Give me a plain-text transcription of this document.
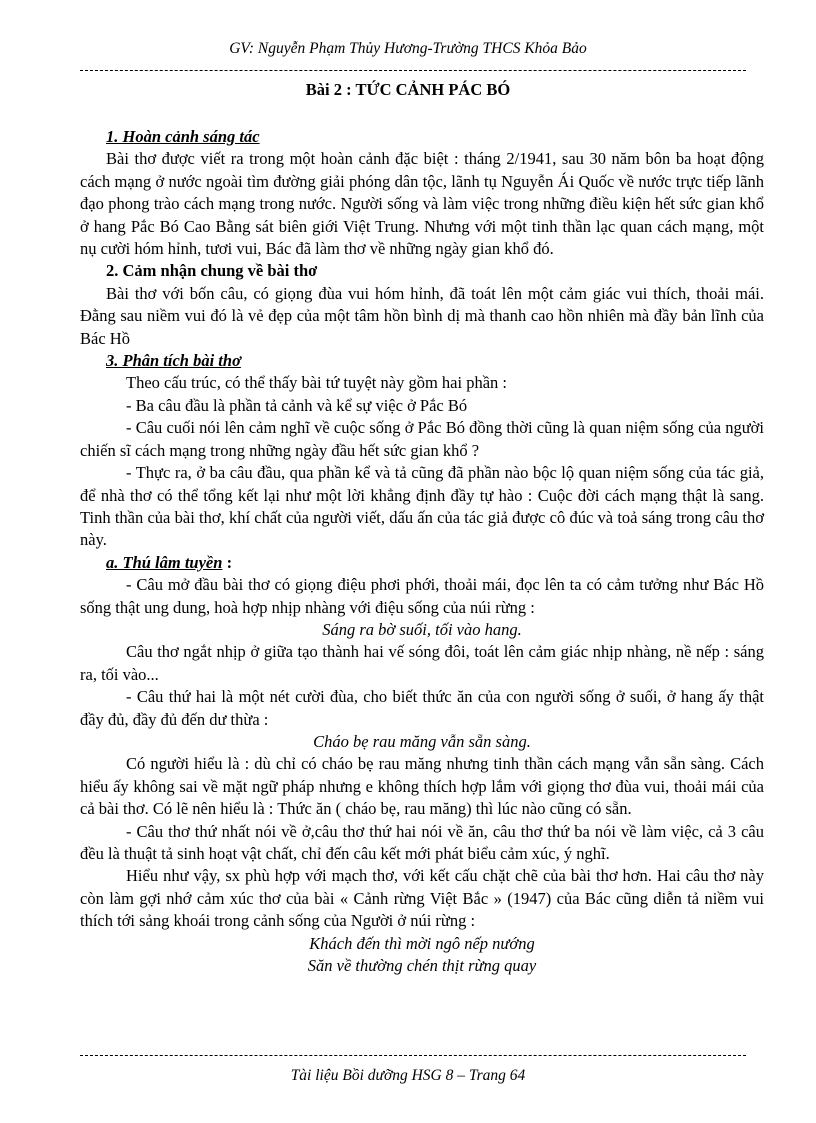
GV: Nguyễn Phạm Thủy Hương-Trường THCS Khỏa Bảo
Bài 2 : TỨC CẢNH PÁC BÓ

1. Hoàn cảnh sáng tác

Bài thơ được viết ra trong một hoàn cảnh đặc biệt : tháng 2/1941, sau 30 năm bôn ba hoạt động cách mạng ở nước ngoài tìm đường giải phóng dân tộc, lãnh tụ Nguyễn Ái Quốc về nước trực tiếp lãnh đạo phong trào cách mạng trong nước. Người sống và làm việc trong những điều kiện hết sức gian khổ ở hang Pắc Bó Cao Bằng sát biên giới Việt Trung. Nhưng với một tinh thần lạc quan cách mạng, một nụ cười hóm hỉnh, tươi vui, Bác đã làm thơ về những ngày gian khổ đó.

2. Cảm nhận chung về bài thơ

Bài thơ với bốn câu, có giọng đùa vui hóm hỉnh, đã toát lên một cảm giác vui thích, thoải mái. Đằng sau niềm vui đó là vẻ đẹp của một tâm hồn bình dị mà thanh cao hồn nhiên mà đầy bản lĩnh của Bác Hồ

3. Phân tích bài thơ

Theo cấu trúc, có thể thấy bài tứ tuyệt này gồm hai phần :

- Ba câu đầu là phần tả cảnh và kể sự việc ở Pắc Bó

- Câu cuối nói lên cảm nghĩ về cuộc sống ở Pắc Bó đồng thời cũng là quan niệm sống của người chiến sĩ cách mạng trong những ngày đầu hết sức gian khổ ?

- Thực ra, ở ba câu đầu, qua phần kể và tả cũng đã phần nào bộc lộ quan niệm sống của tác giả, để nhà thơ có thể tổng kết lại như một lời khẳng định đầy tự hào : Cuộc đời cách mạng thật là sang. Tinh thần của bài thơ, khí chất của người viết, dấu ấn của tác giả được cô đúc và toả sáng trong câu thơ này.

a. Thú lâm tuyền :

- Câu mở đầu bài thơ có giọng điệu phơi phới, thoải mái, đọc lên ta có cảm tưởng như Bác Hồ sống thật ung dung, hoà hợp nhịp nhàng với điệu sống của núi rừng :

Sáng ra bờ suối, tối vào hang.

Câu thơ ngắt nhịp ở giữa tạo thành hai vế sóng đôi, toát lên cảm giác nhịp nhàng, nề nếp : sáng ra, tối vào...

- Câu thứ hai là một nét cười đùa, cho biết thức ăn của con người sống ở suối, ở hang ấy thật đầy đủ, đầy đủ đến dư thừa :

Cháo bẹ rau măng vẫn sẵn sàng.

Có người hiểu là : dù chỉ có cháo bẹ rau măng nhưng tinh thần cách mạng vẫn sẵn sàng. Cách hiểu ấy không sai về mặt ngữ pháp nhưng e không thích hợp lắm với giọng thơ đùa vui, thoải mái của cả bài thơ. Có lẽ nên hiểu là : Thức ăn ( cháo bẹ, rau măng) thì lúc nào cũng có sẵn.

- Câu thơ thứ nhất nói về ở,câu thơ thứ hai nói về ăn, câu thơ thứ ba nói về làm việc, cả 3 câu đều là thuật tả sinh hoạt vật chất, chỉ đến câu kết mới phát biểu cảm xúc, ý nghĩ.

Hiểu như vậy, sx phù hợp với mạch thơ, với kết cấu chặt chẽ của bài thơ hơn. Hai câu thơ này còn làm gợi nhớ cảm xúc thơ của bài « Cảnh rừng Việt Bắc » (1947) của Bác cũng diễn tả niềm vui thích tới sảng khoái trong cảnh sống của Người ở núi rừng :

Khách đến thì mời ngô nếp nướng

Săn về thường chén thịt rừng quay

Tài liệu Bồi dưỡng HSG 8 – Trang 64
